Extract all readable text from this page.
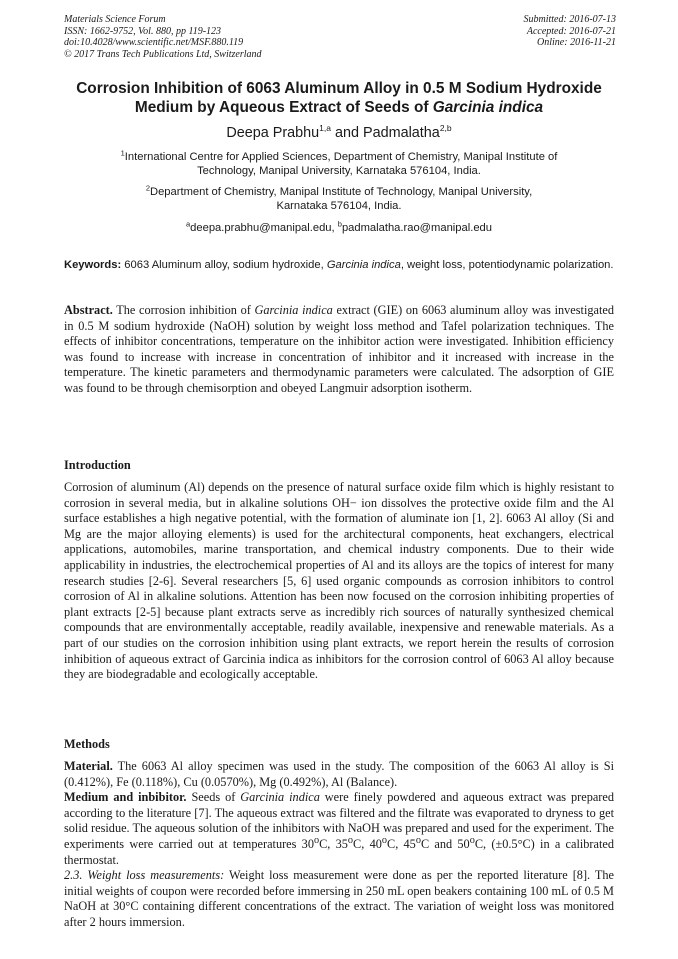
Materials Science Forum
ISSN: 1662-9752, Vol. 880, pp 119-123
doi:10.4028/www.scientific.net/MSF.880.119
© 2017 Trans Tech Publications Ltd, Switzerland
Submitted: 2016-07-13
Accepted: 2016-07-21
Online: 2016-11-21
Corrosion Inhibition of 6063 Aluminum Alloy in 0.5 M Sodium Hydroxide
Medium by Aqueous Extract of Seeds of Garcinia indica
Deepa Prabhu$^{1,a}$ and Padmalatha$^{2,b}$
$^1$International Centre for Applied Sciences, Department of Chemistry, Manipal Institute of
Technology, Manipal University, Karnataka 576104, India.
$^2$Department of Chemistry, Manipal Institute of Technology, Manipal University,
Karnataka 576104, India.
$^a$deepa.prabhu@manipal.edu, $^b$padmalatha.rao@manipal.edu
Keywords: 6063 Aluminum alloy, sodium hydroxide, Garcinia indica, weight loss, potentiodynamic polarization.
Abstract. The corrosion inhibition of Garcinia indica extract (GIE) on 6063 aluminum alloy was investigated in 0.5 M sodium hydroxide (NaOH) solution by weight loss method and Tafel polarization techniques. The effects of inhibitor concentrations, temperature on the inhibitor action were investigated. Inhibition efficiency was found to increase with increase in concentration of inhibitor and it increased with increase in the temperature. The kinetic parameters and thermodynamic parameters were calculated. The adsorption of GIE was found to be through chemisorption and obeyed Langmuir adsorption isotherm.
Introduction
Corrosion of aluminum (Al) depends on the presence of natural surface oxide film which is highly resistant to corrosion in several media, but in alkaline solutions OH− ion dissolves the protective oxide film and the Al surface establishes a high negative potential, with the formation of aluminate ion [1, 2]. 6063 Al alloy (Si and Mg are the major alloying elements) is used for the architectural components, heat exchangers, electrical applications, automobiles, marine transportation, and chemical industry components. Due to their wide applicability in industries, the electrochemical properties of Al and its alloys are the topics of interest for many research studies [2-6]. Several researchers [5, 6] used organic compounds as corrosion inhibitors to control corrosion of Al in alkaline solutions. Attention has been now focused on the corrosion inhibiting properties of plant extracts [2-5] because plant extracts serve as incredibly rich sources of naturally synthesized chemical compounds that are environmentally acceptable, readily available, inexpensive and renewable materials. As a part of our studies on the corrosion inhibition using plant extracts, we report herein the results of corrosion inhibition of aqueous extract of Garcinia indica as inhibitors for the corrosion control of 6063 Al alloy because they are biodegradable and ecologically acceptable.
Methods

Material. The 6063 Al alloy specimen was used in the study. The composition of the 6063 Al alloy is Si (0.412%), Fe (0.118%), Cu (0.0570%), Mg (0.492%), Al (Balance).

Medium and inbibitor. Seeds of Garcinia indica were finely powdered and aqueous extract was prepared according to the literature [7]. The aqueous extract was filtered and the filtrate was evaporated to dryness to get solid residue. The aqueous solution of the inhibitors with NaOH was prepared and used for the experiment. The experiments were carried out at temperatures 30$^o$C, 35$^o$C, 40$^o$C, 45$^o$C and 50$^o$C, (±0.5°C) in a calibrated thermostat.

2.3. Weight loss measurements: Weight loss measurement were done as per the reported literature [8]. The initial weights of coupon were recorded before immersing in 250 mL open beakers containing 100 mL of 0.5 M NaOH at 30°C containing different concentrations of the extract. The variation of weight loss was monitored after 2 hours immersion.
